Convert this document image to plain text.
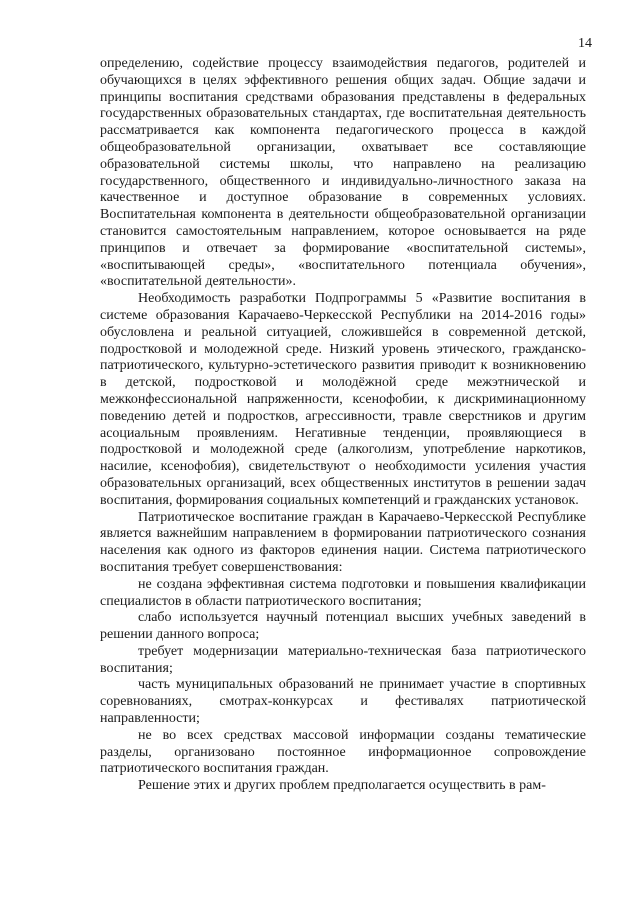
14

определению, содействие процессу взаимодействия педагогов, родителей и обучающихся в целях эффективного решения общих задач. Общие задачи и принципы воспитания средствами образования представлены в федеральных государственных образовательных стандартах, где воспитательная деятельность рассматривается как компонента педагогического процесса в каждой общеобразовательной организации, охватывает все составляющие образовательной системы школы, что направлено на реализацию государственного, общественного и индивидуально-личностного заказа на качественное и доступное образование в современных условиях. Воспитательная компонента в деятельности общеобразовательной организации становится самостоятельным направлением, которое основывается на ряде принципов и отвечает за формирование «воспитательной системы», «воспитывающей среды», «воспитательного потенциала обучения», «воспитательной деятельности».

Необходимость разработки Подпрограммы 5 «Развитие воспитания в системе образования Карачаево-Черкесской Республики на 2014-2016 годы» обусловлена и реальной ситуацией, сложившейся в современной детской, подростковой и молодежной среде. Низкий уровень этического, гражданско-патриотического, культурно-эстетического развития приводит к возникновению в детской, подростковой и молодёжной среде межэтнической и межконфессиональной напряженности, ксенофобии, к дискриминационному поведению детей и подростков, агрессивности, травле сверстников и другим асоциальным проявлениям. Негативные тенденции, проявляющиеся в подростковой и молодежной среде (алкоголизм, употребление наркотиков, насилие, ксенофобия), свидетельствуют о необходимости усиления участия образовательных организаций, всех общественных институтов в решении задач воспитания, формирования социальных компетенций и гражданских установок.

Патриотическое воспитание граждан в Карачаево-Черкесской Республике является важнейшим направлением в формировании патриотического сознания населения как одного из факторов единения нации. Система патриотического воспитания требует совершенствования:

не создана эффективная система подготовки и повышения квалификации специалистов в области патриотического воспитания;

слабо используется научный потенциал высших учебных заведений в решении данного вопроса;

требует модернизации материально-техническая база патриотического воспитания;

часть муниципальных образований не принимает участие в спортивных соревнованиях, смотрах-конкурсах и фестивалях патриотической направленности;

не во всех средствах массовой информации созданы тематические разделы, организовано постоянное информационное сопровождение патриотического воспитания граждан.

Решение этих и других проблем предполагается осуществить в рам-
